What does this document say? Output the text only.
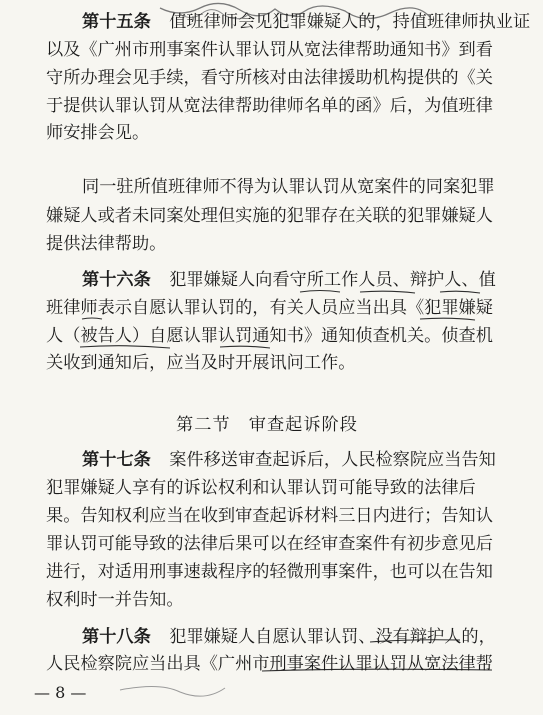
第十五条 　值班律师会见犯罪嫌疑人的，持值班律师执业证
以及《广州市刑事案件认罪认罚从宽法律帮助通知书》到看
守所办理会见手续，看守所核对由法律援助机构提供的《关
于提供认罪认罚从宽法律帮助律师名单的函》后，为值班律
师安排会见。
同一驻所值班律师不得为认罪认罚从宽案件的同案犯罪
嫌疑人或者未同案处理但实施的犯罪存在关联的犯罪嫌疑人
提供法律帮助。
第十六条 　犯罪嫌疑人向看守所工作人员、辩护人、值
班律师表示自愿认罪认罚的，有关人员应当出具《犯罪嫌疑
人（被告人）自愿认罪认罚通知书》通知侦查机关。侦查机
关收到通知后，应当及时开展讯问工作。
第二节　审查起诉阶段
第十七条 　案件移送审查起诉后，人民检察院应当告知
犯罪嫌疑人享有的诉讼权利和认罪认罚可能导致的法律后
果。告知权利应当在收到审查起诉材料三日内进行；告知认
罪认罚可能导致的法律后果可以在经审查案件有初步意见后
进行，对适用刑事速裁程序的轻微刑事案件，也可以在告知
权利时一并告知。
第十八条 　犯罪嫌疑人自愿认罪认罚、没有辩护人的，
人民检察院应当出具《广州市刑事案件认罪认罚从宽法律帮
— 8 —
